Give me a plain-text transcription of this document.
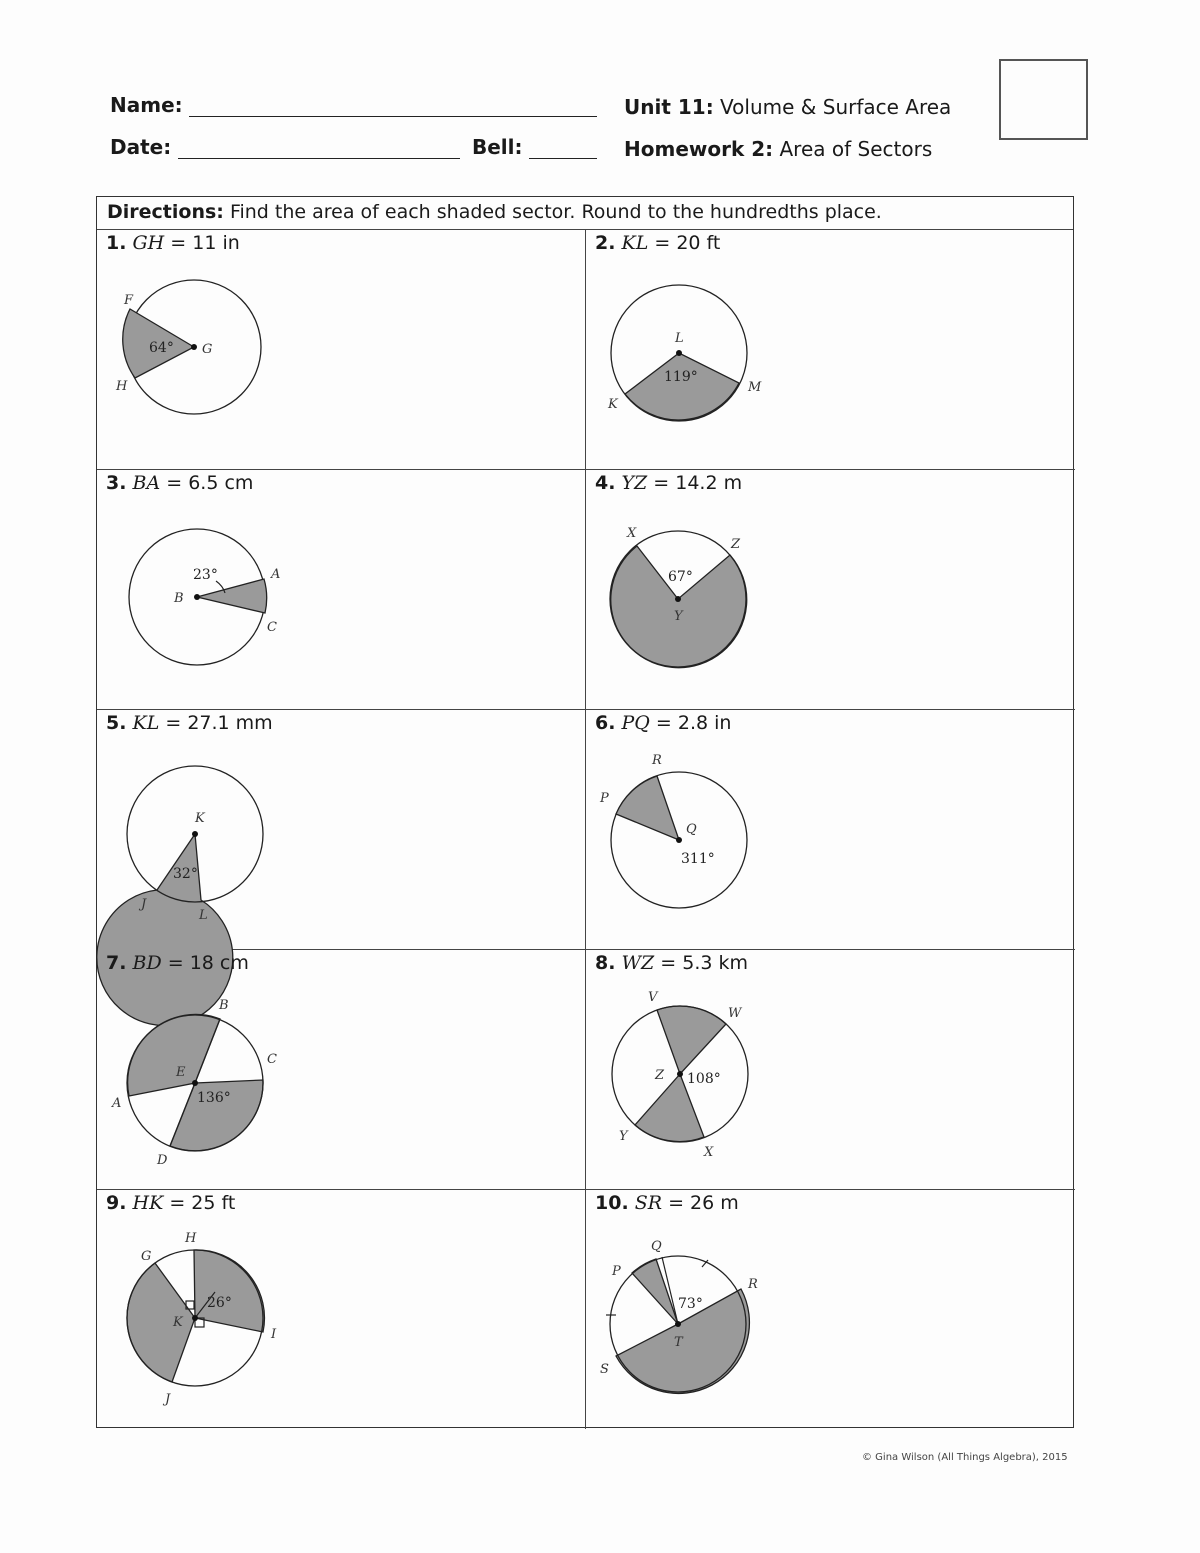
Name:
Date:	Bell:
Unit 11: Volume & Surface Area
Homework 2: Area of Sectors
Directions: Find the area of each shaded sector. Round to the hundredths place.
1. GH = 11 in
F
G
H
64°
2. KL = 20 ft
L
K
M
119°
3. BA = 6.5 cm
B
A
C
23°
4. YZ = 14.2 m
X
Z
Y
67°
5. KL = 27.1 mm
K
J
L
32°
6. PQ = 2.8 in
R
P
Q
311°
7. BD = 18 cm
B
C
E
A
D
136°
8. WZ = 5.3 km
V
W
Z
Y
X
108°
9. HK = 25 ft
H
G
K
I
J
26°
10. SR = 26 m
Q
P
R
T
S
73°
© Gina Wilson (All Things Algebra), 2015
